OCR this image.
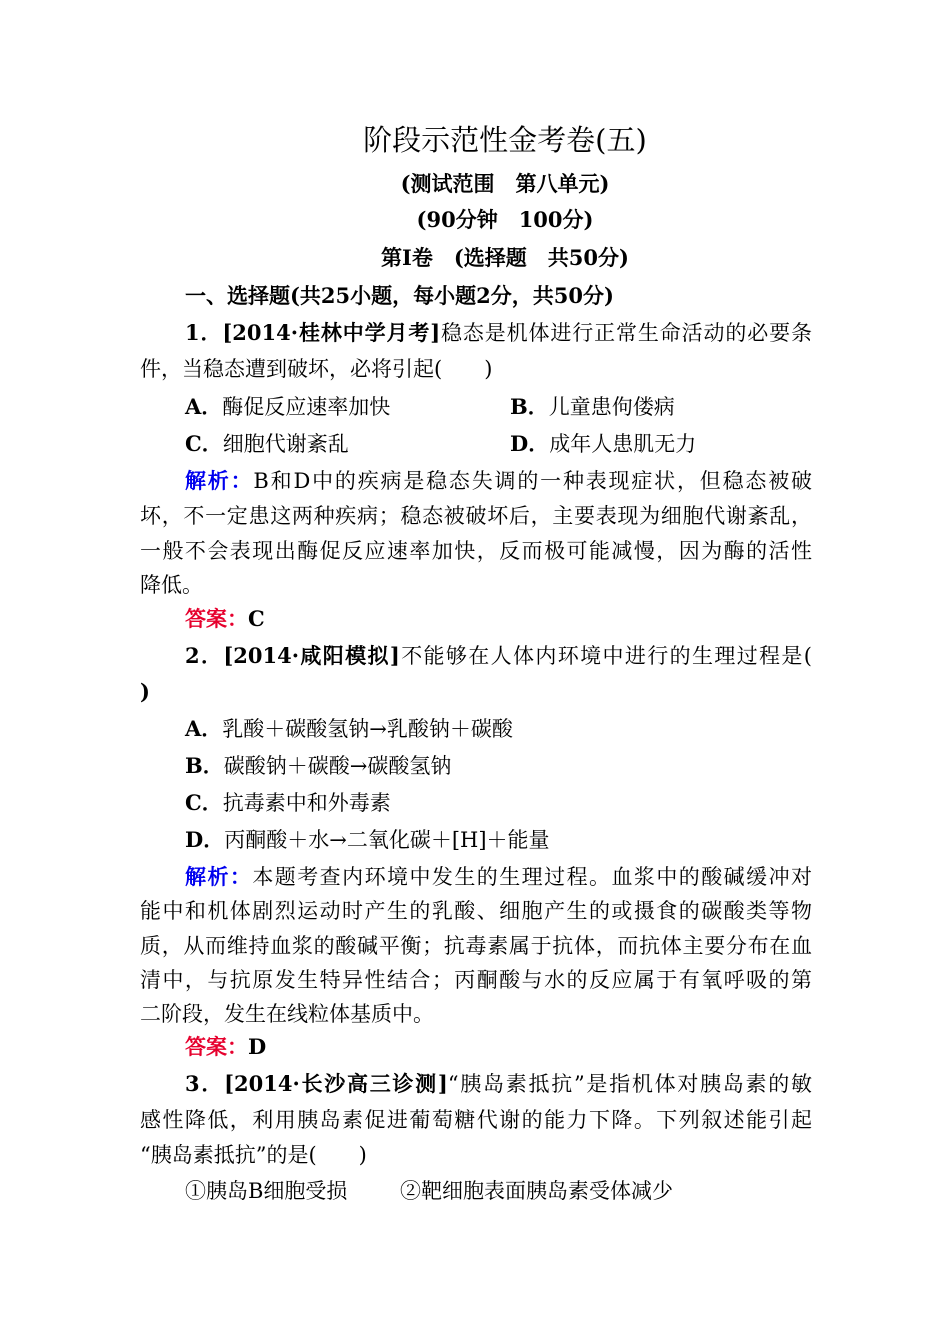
阶段示范性金考卷(五)
(测试范围　第八单元)
(90分钟　100分)
第Ⅰ卷　(选择题　共50分)
一、选择题(共25小题，每小题2分，共50分)
1．[2014·桂林中学月考]稳态是机体进行正常生命活动的必要条
件，当稳态遭到破坏，必将引起(　　)
A．酶促反应速率加快	B．儿童患佝偻病
C．细胞代谢紊乱	D．成年人患肌无力
解析：B和D中的疾病是稳态失调的一种表现症状，但稳态被破
坏，不一定患这两种疾病；稳态被破坏后，主要表现为细胞代谢紊乱，
一般不会表现出酶促反应速率加快，反而极可能减慢，因为酶的活性
降低。
答案：C
2．[2014·咸阳模拟]不能够在人体内环境中进行的生理过程是(
)
A．乳酸＋碳酸氢钠→乳酸钠＋碳酸
B．碳酸钠＋碳酸→碳酸氢钠
C．抗毒素中和外毒素
D．丙酮酸＋水→二氧化碳＋[H]＋能量
解析：本题考查内环境中发生的生理过程。血浆中的酸碱缓冲对
能中和机体剧烈运动时产生的乳酸、细胞产生的或摄食的碳酸类等物
质，从而维持血浆的酸碱平衡；抗毒素属于抗体，而抗体主要分布在血
清中，与抗原发生特异性结合；丙酮酸与水的反应属于有氧呼吸的第
二阶段，发生在线粒体基质中。
答案：D
3．[2014·长沙高三诊测]“胰岛素抵抗”是指机体对胰岛素的敏
感性降低，利用胰岛素促进葡萄糖代谢的能力下降。下列叙述能引起
“胰岛素抵抗”的是(　　)
①胰岛B细胞受损	②靶细胞表面胰岛素受体减少
